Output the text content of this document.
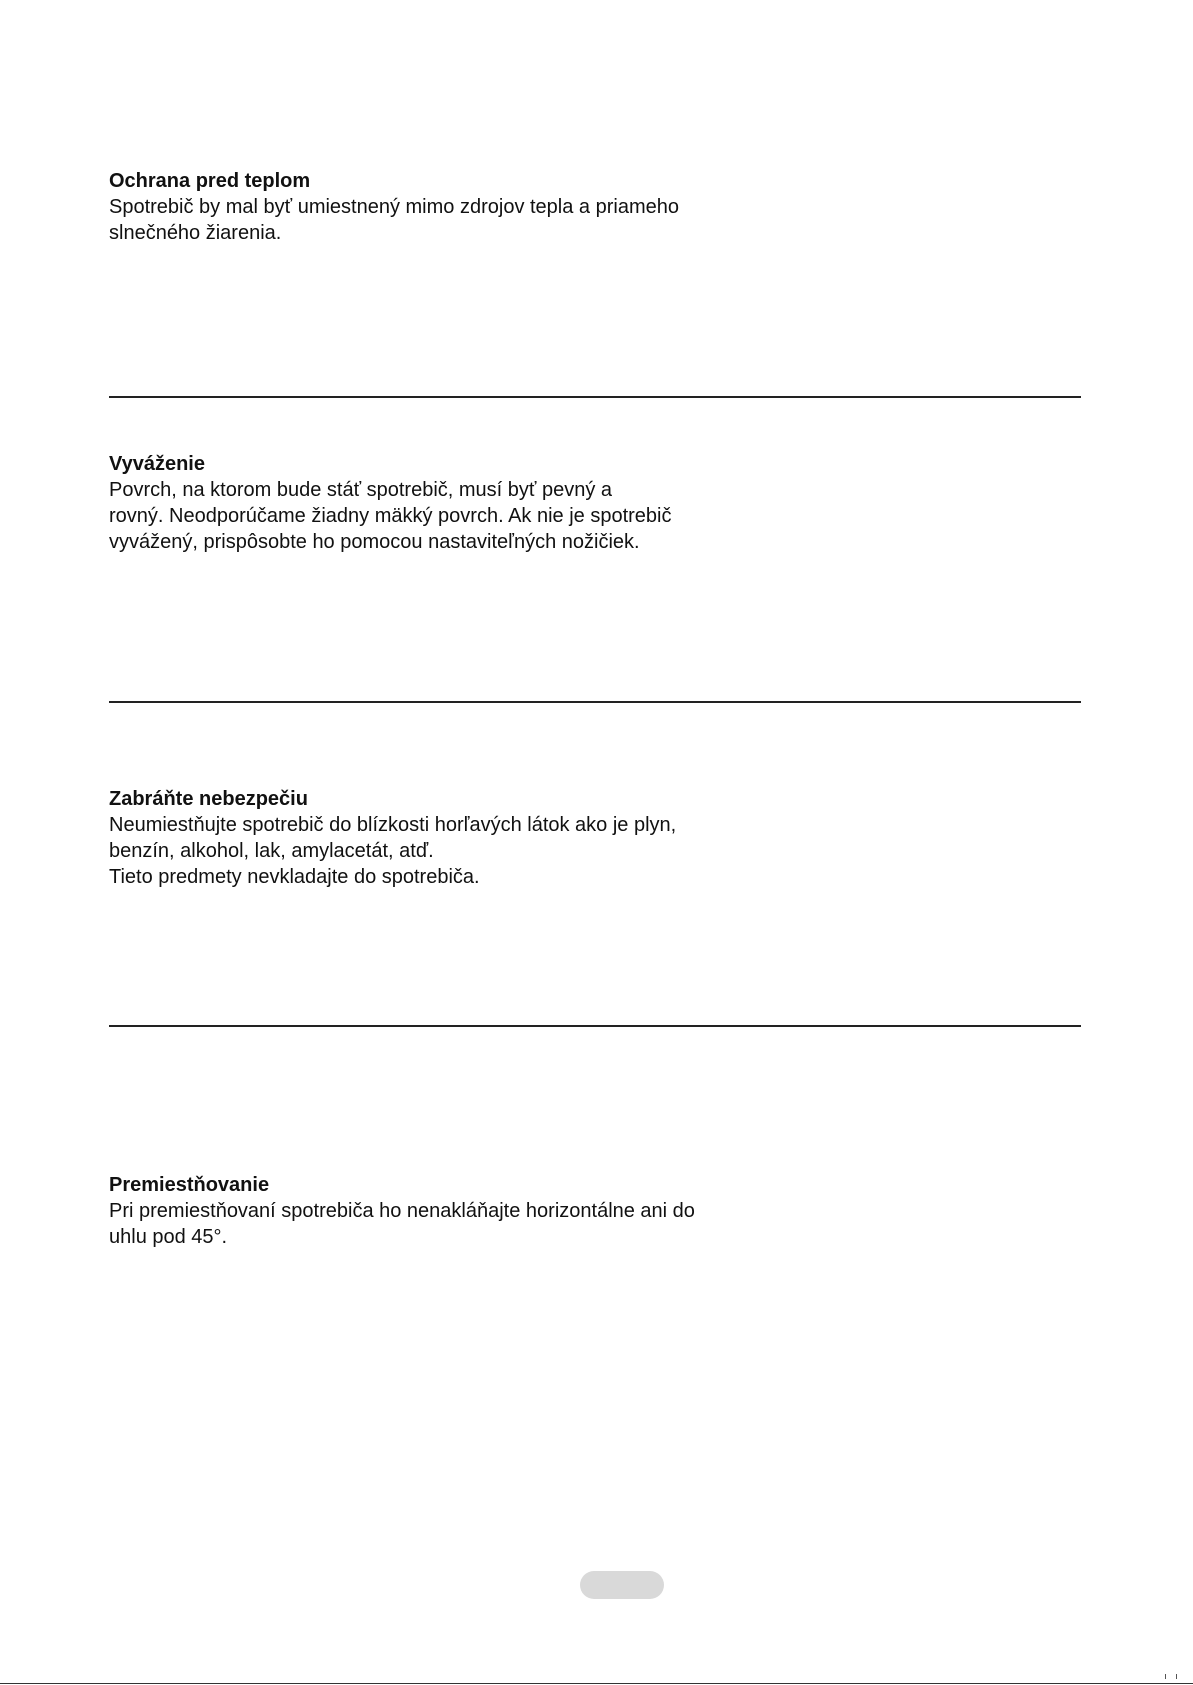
Ochrana pred teplom

Spotrebič by mal byť umiestnený mimo zdrojov tepla a priameho

slnečného žiarenia.

Vyváženie

Povrch, na ktorom bude stáť spotrebič, musí byť pevný a

rovný. Neodporúčame žiadny mäkký povrch. Ak nie je spotrebič

vyvážený, prispôsobte ho pomocou nastaviteľných nožičiek.

Zabráňte nebezpečiu

Neumiestňujte spotrebič do blízkosti horľavých látok ako je plyn,

benzín, alkohol, lak, amylacetát, atď.

Tieto predmety nevkladajte do spotrebiča.

Premiestňovanie

Pri premiestňovaní spotrebiča ho nenakláňajte horizontálne ani do

uhlu pod 45°.
